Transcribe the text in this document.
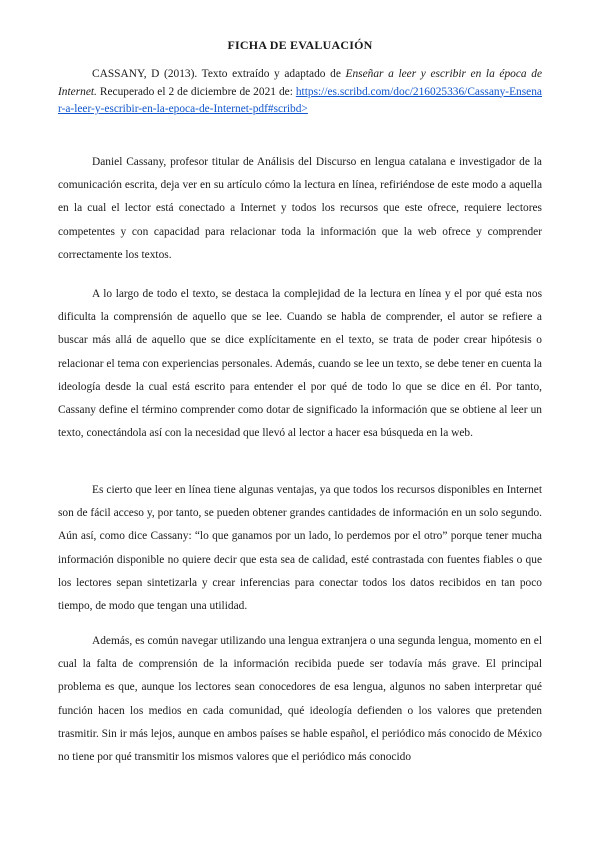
FICHA DE EVALUACIÓN
CASSANY, D (2013). Texto extraído y adaptado de Enseñar a leer y escribir en la época de Internet. Recuperado el 2 de diciembre de 2021 de: https://es.scribd.com/doc/216025336/Cassany-Ensenar-a-leer-y-escribir-en-la-epoca-de-Internet-pdf#scribd>

Daniel Cassany, profesor titular de Análisis del Discurso en lengua catalana e investigador de la comunicación escrita, deja ver en su artículo cómo la lectura en línea, refiriéndose de este modo a aquella en la cual el lector está conectado a Internet y todos los recursos que este ofrece, requiere lectores competentes y con capacidad para relacionar toda la información que la web ofrece y comprender correctamente los textos.

A lo largo de todo el texto, se destaca la complejidad de la lectura en línea y el por qué esta nos dificulta la comprensión de aquello que se lee. Cuando se habla de comprender, el autor se refiere a buscar más allá de aquello que se dice explícitamente en el texto, se trata de poder crear hipótesis o relacionar el tema con experiencias personales. Además, cuando se lee un texto, se debe tener en cuenta la ideología desde la cual está escrito para entender el por qué de todo lo que se dice en él. Por tanto, Cassany define el término comprender como dotar de significado la información que se obtiene al leer un texto, conectándola así con la necesidad que llevó al lector a hacer esa búsqueda en la web.

Es cierto que leer en línea tiene algunas ventajas, ya que todos los recursos disponibles en Internet son de fácil acceso y, por tanto, se pueden obtener grandes cantidades de información en un solo segundo. Aún así, como dice Cassany: “lo que ganamos por un lado, lo perdemos por el otro” porque tener mucha información disponible no quiere decir que esta sea de calidad, esté contrastada con fuentes fiables o que los lectores sepan sintetizarla y crear inferencias para conectar todos los datos recibidos en tan poco tiempo, de modo que tengan una utilidad.

Además, es común navegar utilizando una lengua extranjera o una segunda lengua, momento en el cual la falta de comprensión de la información recibida puede ser todavía más grave. El principal problema es que, aunque los lectores sean conocedores de esa lengua, algunos no saben interpretar qué función hacen los medios en cada comunidad, qué ideología defienden o los valores que pretenden trasmitir. Sin ir más lejos, aunque en ambos países se hable español, el periódico más conocido de México no tiene por qué transmitir los mismos valores que el periódico más conocido
